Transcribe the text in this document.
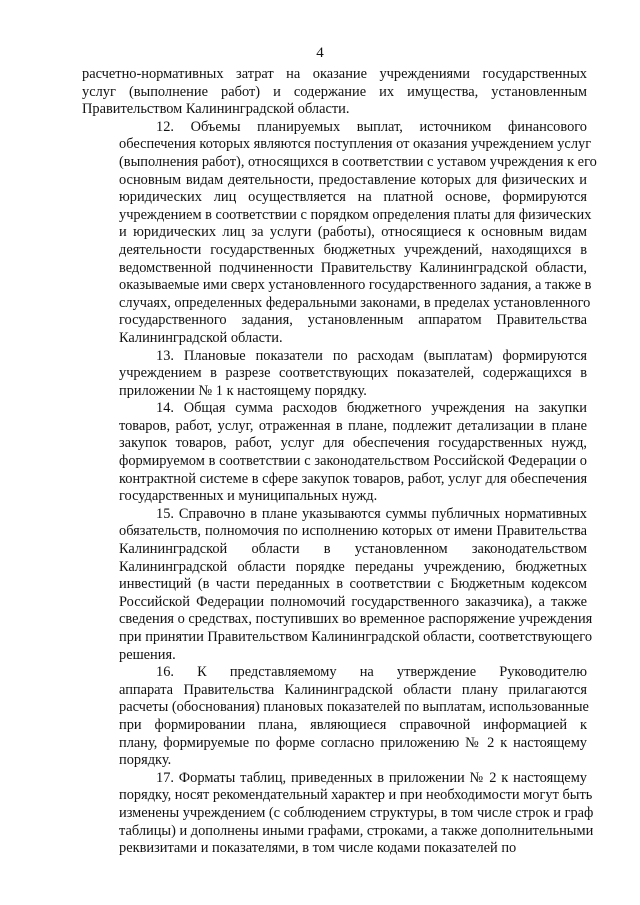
4

расчетно-нормативных затрат на оказание учреждениями государственных
услуг (выполнение работ) и содержание их имущества, установленным
Правительством Калининградской области.

12. Объемы планируемых выплат, источником финансового
обеспечения которых являются поступления от оказания учреждением услуг
(выполнения работ), относящихся в соответствии с уставом учреждения к его
основным видам деятельности, предоставление которых для физических и
юридических лиц осуществляется на платной основе, формируются
учреждением в соответствии с порядком определения платы для физических
и юридических лиц за услуги (работы), относящиеся к основным видам
деятельности государственных бюджетных учреждений, находящихся в
ведомственной подчиненности Правительству Калининградской области,
оказываемые ими сверх установленного государственного задания, а также в
случаях, определенных федеральными законами, в пределах установленного
государственного задания, установленным аппаратом Правительства
Калининградской области.

13. Плановые показатели по расходам (выплатам) формируются
учреждением в разрезе соответствующих показателей, содержащихся в
приложении № 1 к настоящему порядку.

14. Общая сумма расходов бюджетного учреждения на закупки
товаров, работ, услуг, отраженная в плане, подлежит детализации в плане
закупок товаров, работ, услуг для обеспечения государственных нужд,
формируемом в соответствии с законодательством Российской Федерации о
контрактной системе в сфере закупок товаров, работ, услуг для обеспечения
государственных и муниципальных нужд.

15. Справочно в плане указываются суммы публичных нормативных
обязательств, полномочия по исполнению которых от имени Правительства
Калининградской области в установленном законодательством
Калининградской области порядке переданы учреждению, бюджетных
инвестиций (в части переданных в соответствии с Бюджетным кодексом
Российской Федерации полномочий государственного заказчика), а также
сведения о средствах, поступивших во временное распоряжение учреждения
при принятии Правительством Калининградской области, соответствующего
решения.

16. К представляемому на утверждение Руководителю
аппарата Правительства Калининградской области плану прилагаются
расчеты (обоснования) плановых показателей по выплатам, использованные
при формировании плана, являющиеся справочной информацией к
плану, формируемые по форме согласно приложению № 2 к настоящему
порядку.

17. Форматы таблиц, приведенных в приложении № 2 к настоящему
порядку, носят рекомендательный характер и при необходимости могут быть
изменены учреждением (с соблюдением структуры, в том числе строк и граф
таблицы) и дополнены иными графами, строками, а также дополнительными
реквизитами и показателями, в том числе кодами показателей по
